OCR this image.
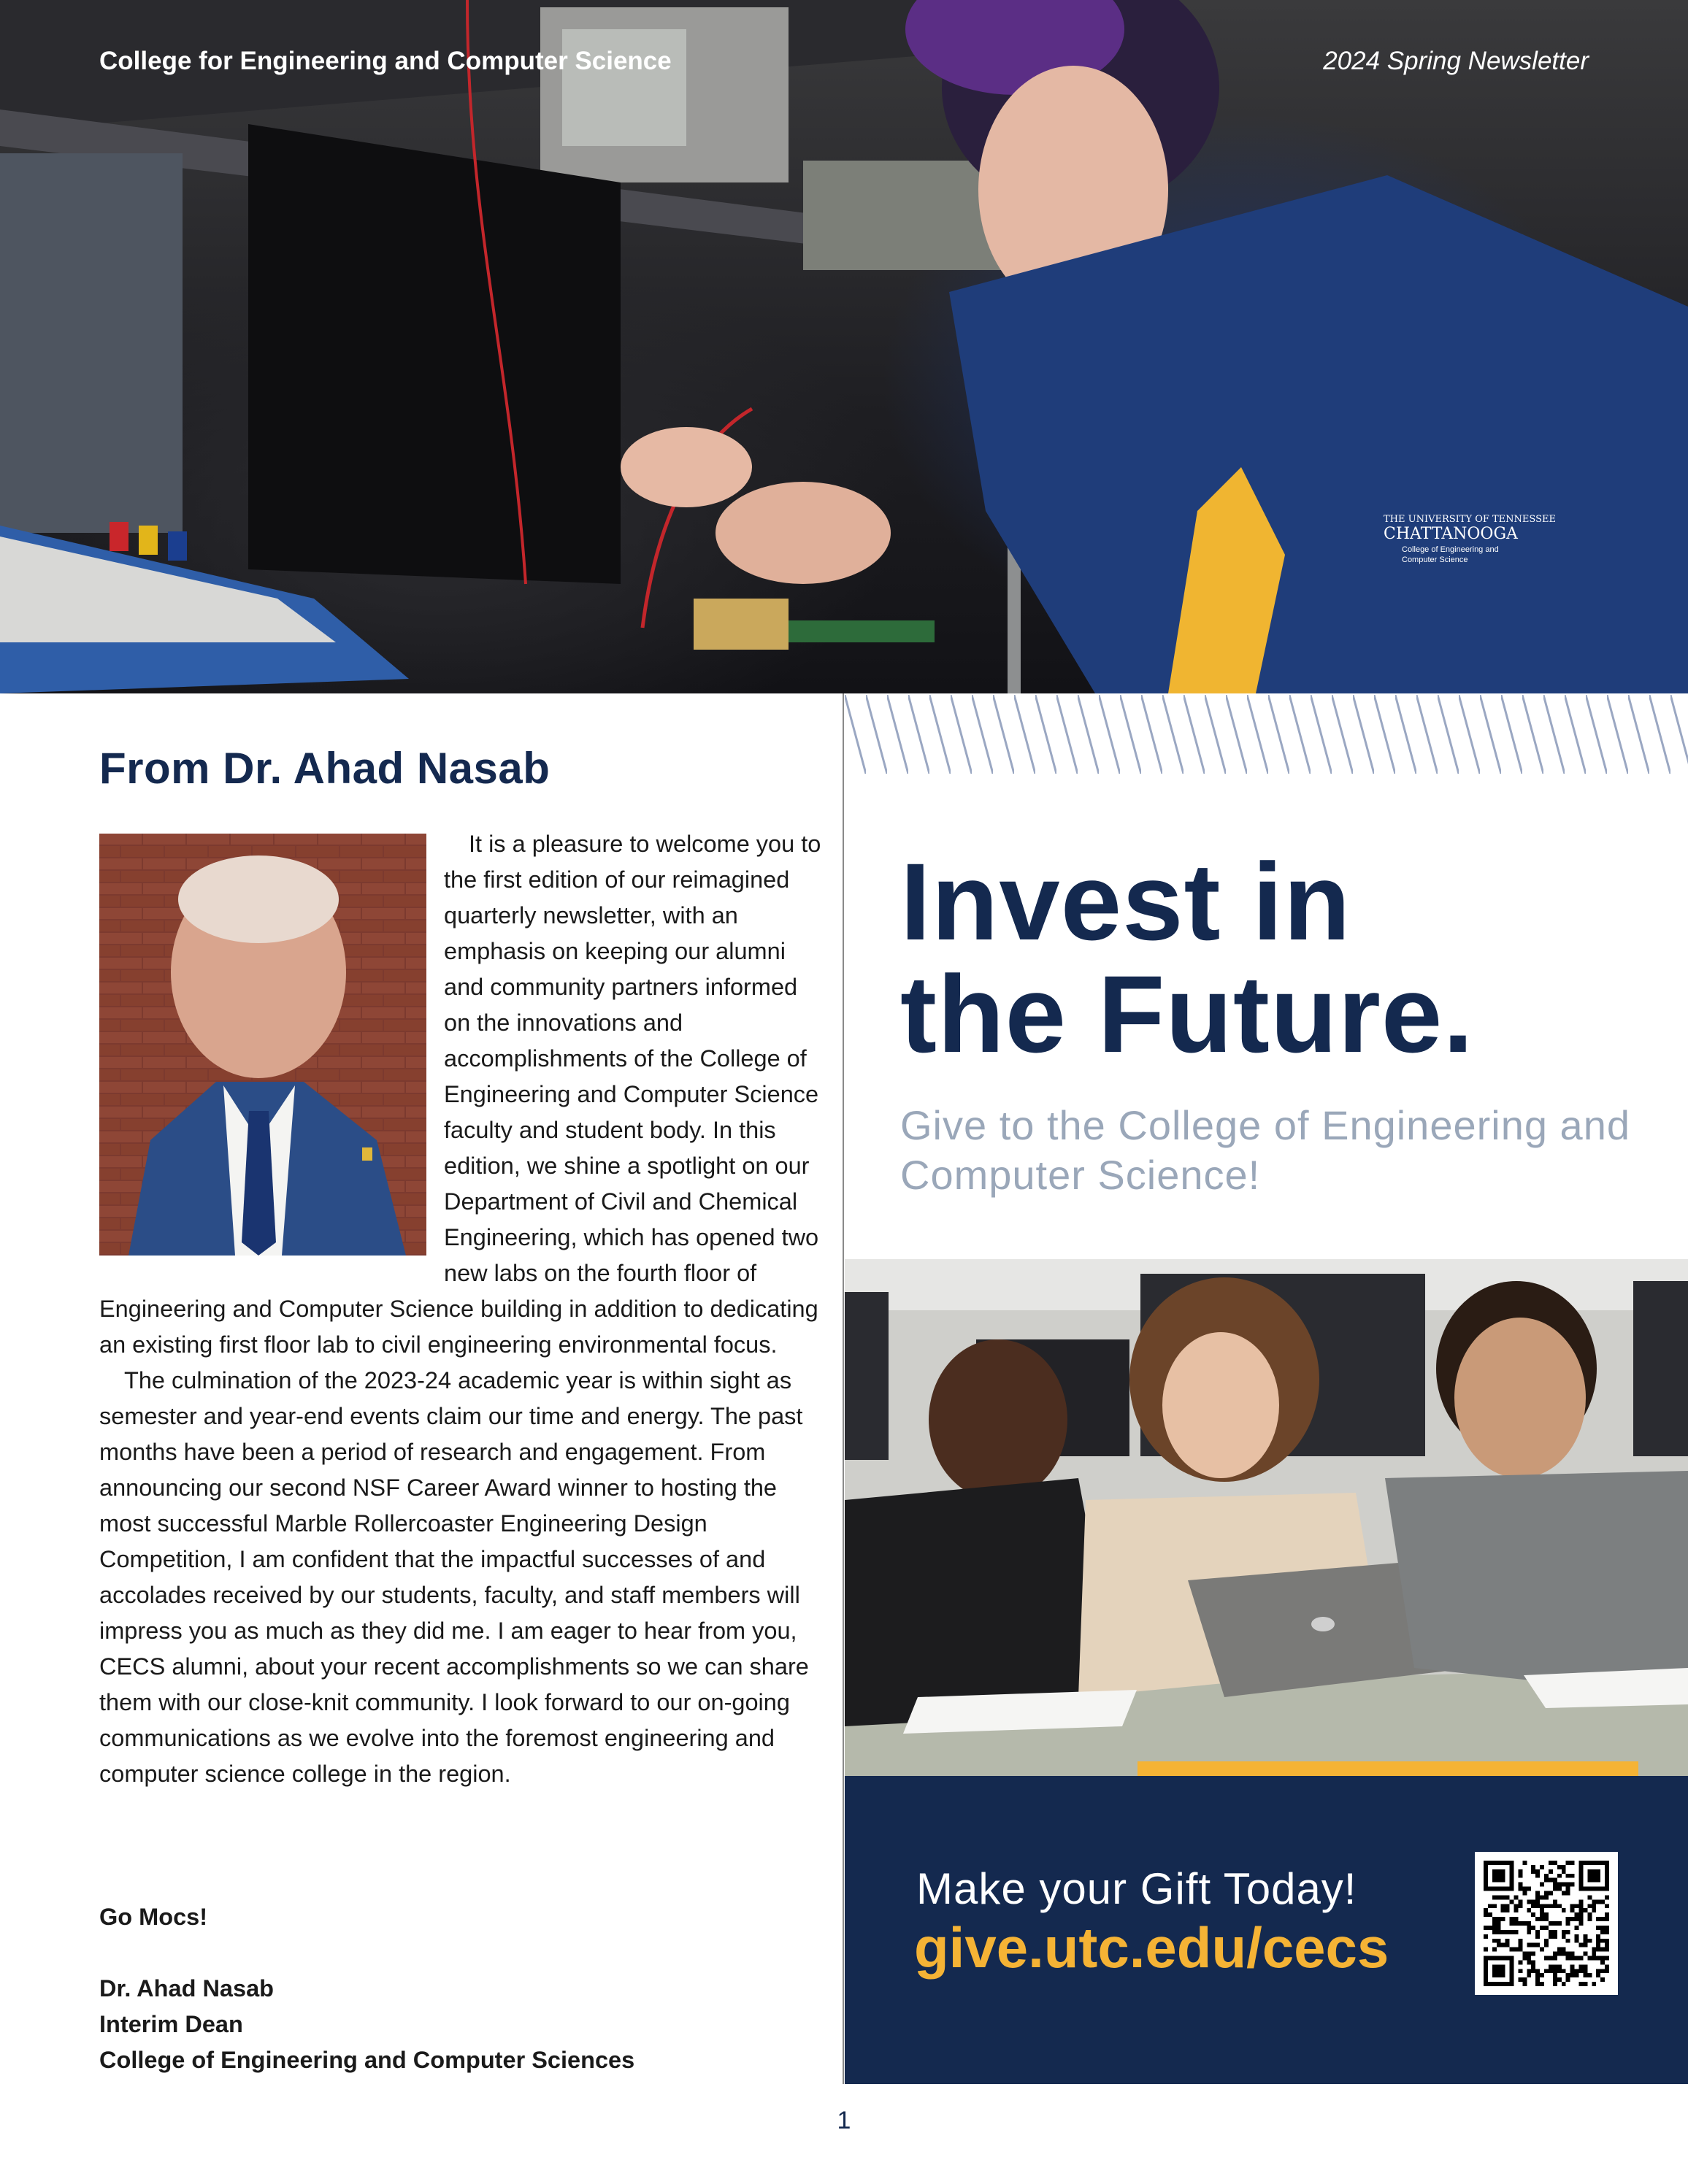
THE UNIVERSITY OF TENNESSEE
CHATTANOOGA
College of Engineering and
Computer Science
College for Engineering and Computer Science	2024 Spring Newsletter
From Dr. Ahad Nasab

It is a pleasure to welcome you to the first edition of our reimagined quarterly newsletter, with an emphasis on keeping our alumni and community partners informed on the innovations and accomplishments of the College of Engineering and Computer Science faculty and student body. In this edition, we shine a spotlight on our Department of Civil and Chemical Engineering, which has opened two new labs on the fourth floor of Engineering and Computer Science building in addition to dedicating an existing first floor lab to civil engineering environmental focus.

The culmination of the 2023-24 academic year is within sight as semester and year-end events claim our time and energy. The past months have been a period of research and engagement. From announcing our second NSF Career Award winner to hosting the most successful Marble Rollercoaster Engineering Design Competition, I am confident that the impactful successes of and accolades received by our students, faculty, and staff members will impress you as much as they did me. I am eager to hear from you, CECS alumni, about your recent accomplishments so we can share them with our close-knit community. I look forward to our on-going communications as we evolve into the foremost engineering and computer science college in the region.

Go Mocs!
Dr. Ahad Nasab
Interim Dean
College of Engineering and Computer Sciences
Invest in
the Future.
Give to the College of Engineering and Computer Science!
Make your Gift Today!
give.utc.edu/cecs
1
